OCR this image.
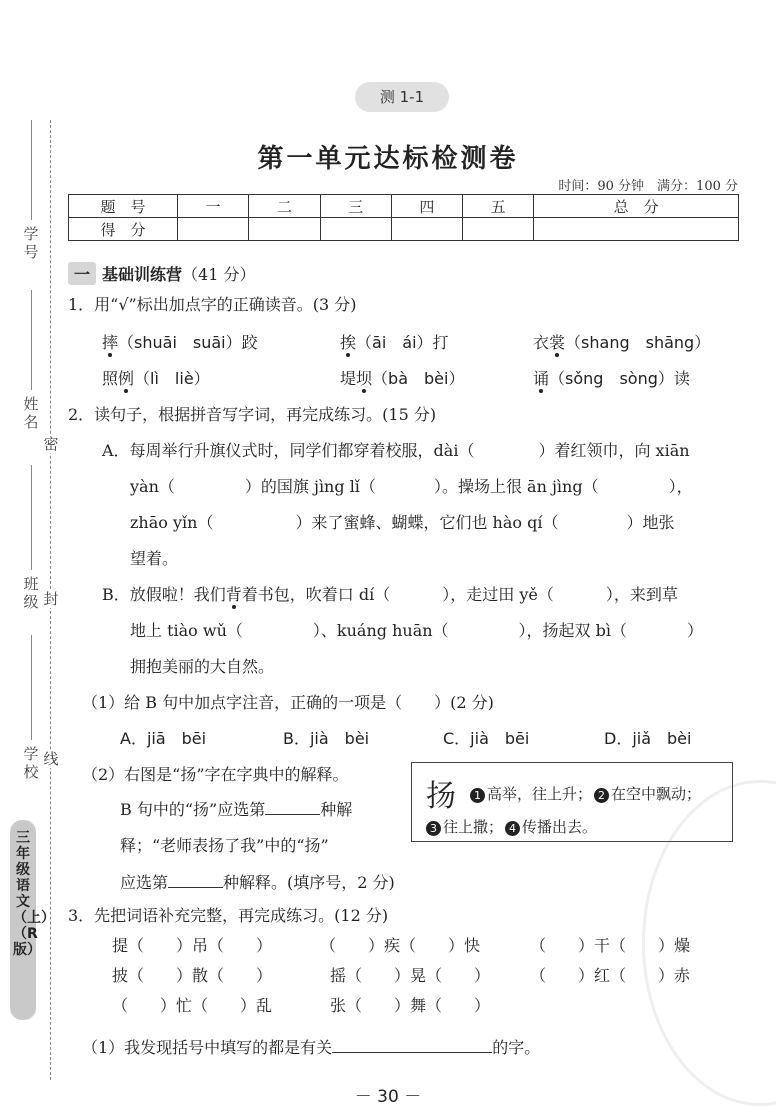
学号
姓名
密
班级 封
学校
线
三年级语文（上）（R版）
测 1-1
第一单元达标检测卷
时间：90 分钟　满分：100 分
题　号	一	二	三	四	五	总　分
得　分						
一 基础训练营（41 分）
1．用“√”标出加点字的正确读音。(3 分)
摔（shuāi　suāi）跤	挨（āi　ái）打	衣裳（shang　shāng）
照例（lì　liè）	堤坝（bà　bèi）	诵（sǒng　sòng）读
2．读句子，根据拼音写字词，再完成练习。(15 分)
A．每周举行升旗仪式时，同学们都穿着校服，dài（	）着红领巾，向 xiān
yàn（	）的国旗 jìng lǐ（	）。操场上很 ān jìng（	），
zhāo yǐn（	）来了蜜蜂、蝴蝶，它们也 hào qí（	）地张
望着。
B．放假啦！我们背着书包，吹着口 dí（	），走过田 yě（	），来到草
地上 tiào wǔ（	）、kuáng huān（	），扬起双 bì（	）
拥抱美丽的大自然。
（1）给 B 句中加点字注音，正确的一项是（　　）(2 分)
A．jiā　bēi	B．jià　bèi	C．jià　bēi	D．jiǎ　bèi
（2）右图是“扬”字在字典中的解释。
B 句中的“扬”应选第	种解
释；“老师表扬了我”中的“扬”
应选第	种解释。(填序号，2 分)
扬	1 高举，往上升； 2 在空中飘动；
3 往上撒； 4 传播出去。
3．先把词语补充完整，再完成练习。(12 分)
提（　　）吊（　　）	（　　）疾（　　）快	（　　）干（　　）燥
披（　　）散（　　）	摇（　　）晃（　　） （　　）红（　　）赤
（　　）忙（　　）乱	张（　　）舞（　　）
（1）我发现括号中填写的都是有关	的字。
－ 30 －
